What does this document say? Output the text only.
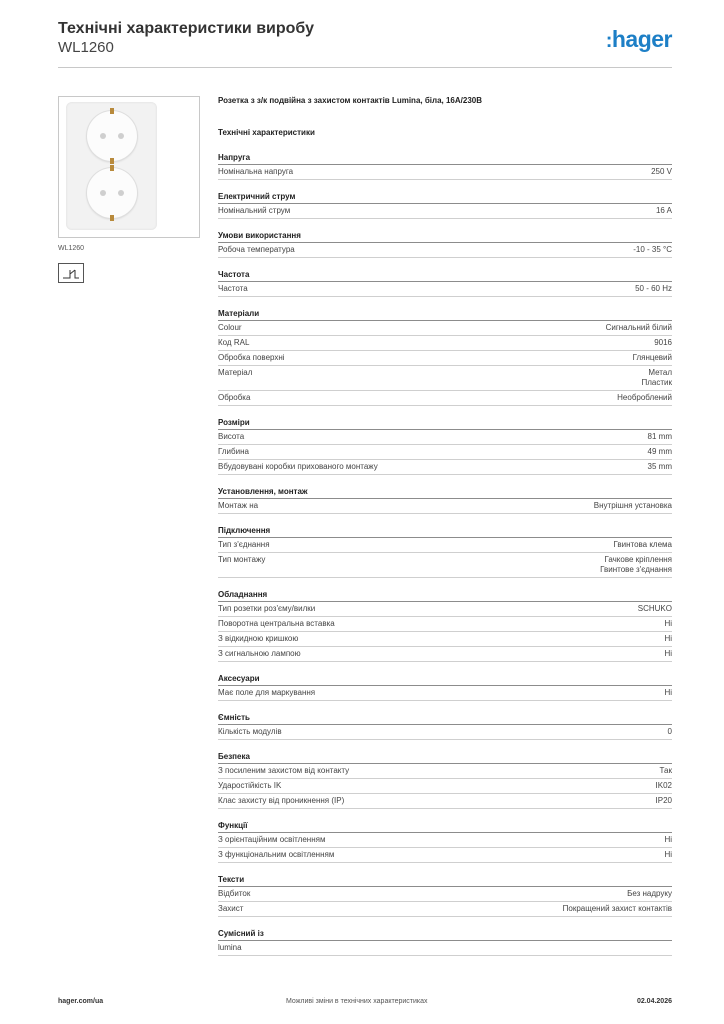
Технічні характеристики виробу
WL1260	:hager
WL1260
Розетка з з/к подвійна з захистом контактів Lumina, біла, 16A/230В
Технічні характеристики
Напруга
Номінальна напруга	250 V
Електричний струм
Номінальний струм	16 A
Умови використання
Робоча температура	-10 - 35 °C
Частота
Частота	50 - 60 Hz
Матеріали
Colour	Сигнальний білий
Код RAL	9016
Обробка поверхні	Глянцевий
Матеріал	Метал
Пластик
Обробка	Необроблений
Розміри
Висота	81 mm
Глибина	49 mm
Вбудовувані коробки прихованого монтажу	35 mm
Установлення, монтаж
Монтаж на	Внутрішня установка
Підключення
Тип з'єднання	Гвинтова клема
Тип монтажу	Гачкове кріплення
Гвинтове з'єднання
Обладнання
Тип розетки роз'єму/вилки	SCHUKO
Поворотна центральна вставка	Ні
З відкидною кришкою	Ні
З сигнальною лампою	Ні
Аксесуари
Має поле для маркування	Ні
Ємність
Кількість модулів	0
Безпека
З посиленим захистом від контакту	Так
Ударостійкість IK	IK02
Клас захисту від проникнення (IP)	IP20
Функції
З орієнтаційним освітленням	Ні
З функціональним освітленням	Ні
Тексти
Відбиток	Без надруку
Захист	Покращений захист контактів
Сумісний із
lumina
hager.com/ua	Можливі зміни в технічних характеристиках	02.04.2026
